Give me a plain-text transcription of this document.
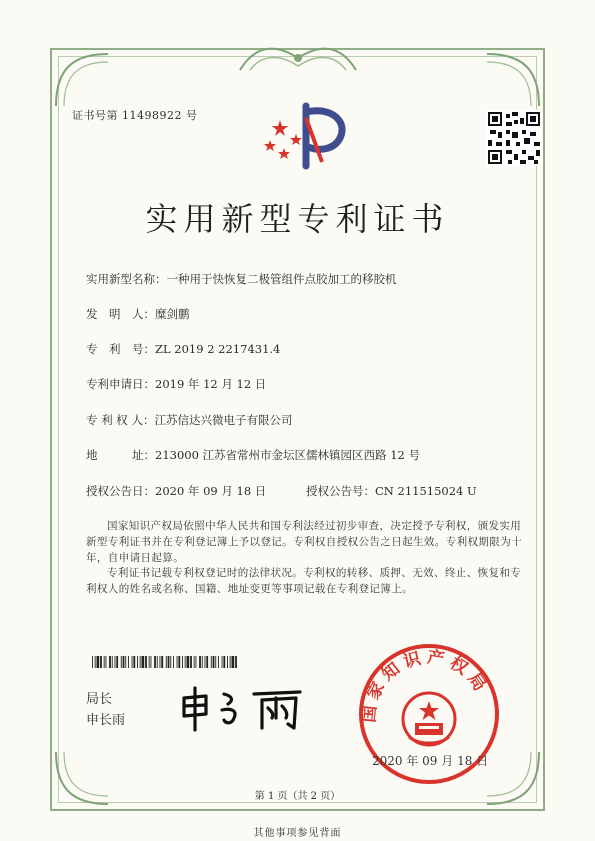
证书号第 11498922 号
实用新型专利证书
实用新型名称：一种用于快恢复二极管组件点胶加工的移胶机
发　明　人：糜剑鹏
专　利　号：ZL 2019 2 2217431.4
专利申请日：2019 年 12 月 12 日
专 利 权 人：江苏信达兴微电子有限公司
地　　　址：213000 江苏省常州市金坛区儒林镇园区西路 12 号
授权公告日：2020 年 09 月 18 日	授权公告号：CN 211515024 U
国家知识产权局依照中华人民共和国专利法经过初步审查，决定授予专利权，颁发实用新型专利证书并在专利登记簿上予以登记。专利权自授权公告之日起生效。专利权期限为十年，自申请日起算。
专利证书记载专利权登记时的法律状况。专利权的转移、质押、无效、终止、恢复和专利权人的姓名或名称、国籍、地址变更等事项记载在专利登记簿上。
局长
申长雨	国家知识产权局
2020 年 09 月 18 日
第 1 页（共 2 页）
其他事项参见背面
